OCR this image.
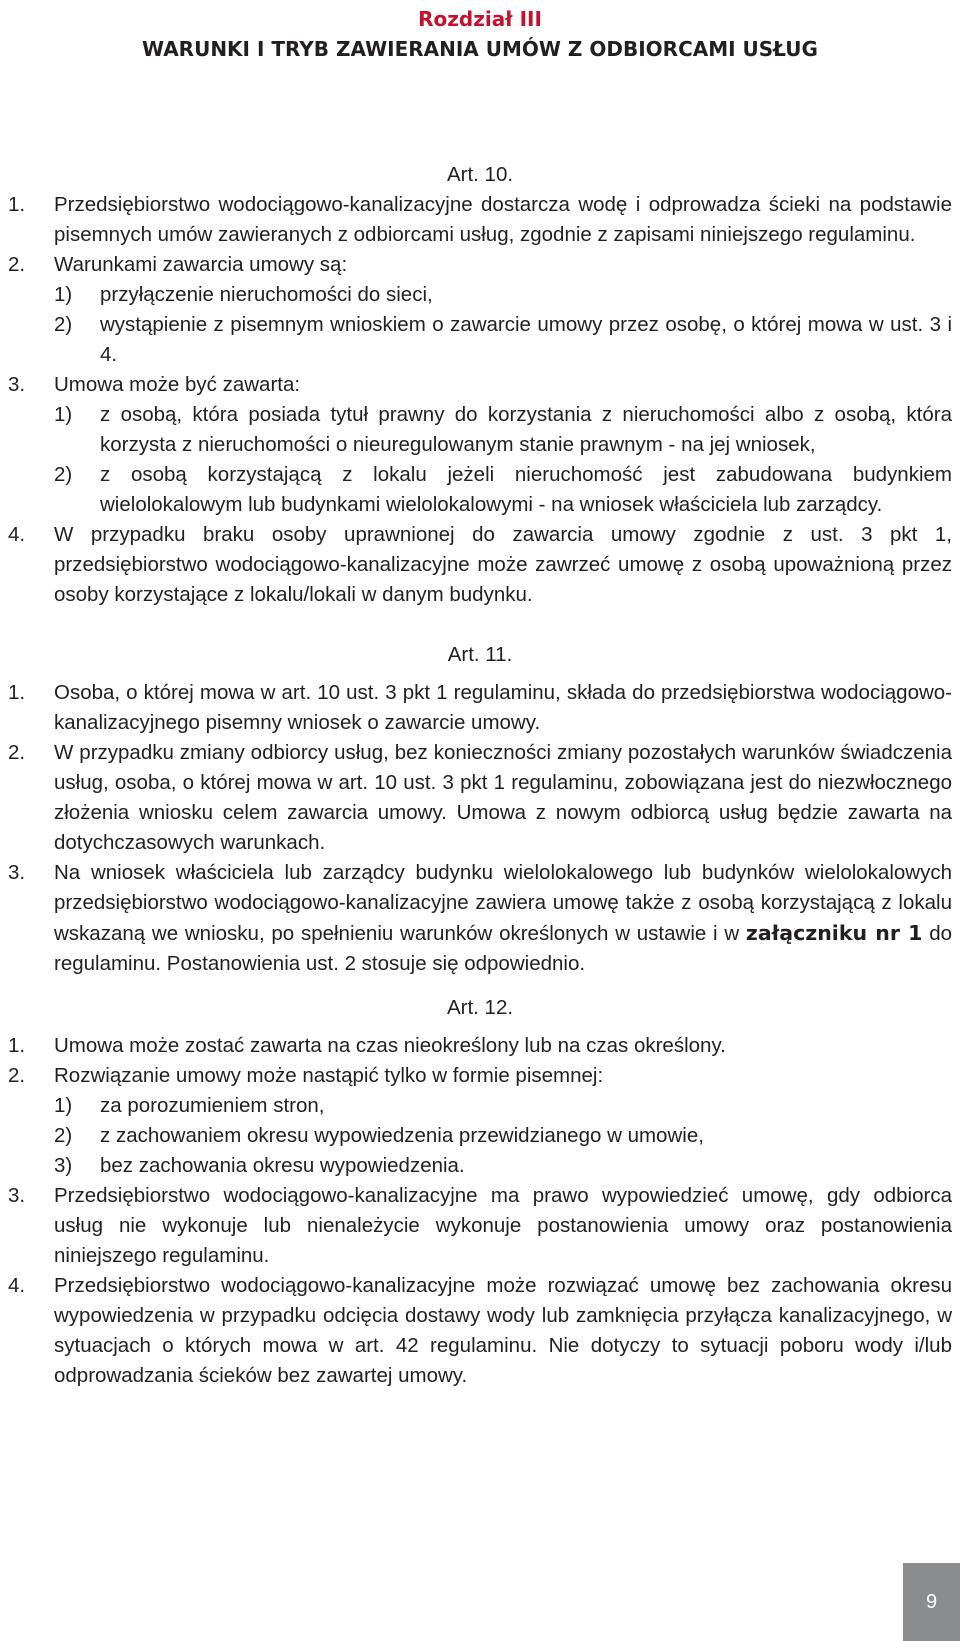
Rozdział III
WARUNKI I TRYB ZAWIERANIA UMÓW Z ODBIORCAMI USŁUG
Art. 10.
1. Przedsiębiorstwo wodociągowo-kanalizacyjne dostarcza wodę i odprowadza ścieki na podstawie pisemnych umów zawieranych z odbiorcami usług, zgodnie z zapisami niniejszego regulaminu.
2. Warunkami zawarcia umowy są:
1) przyłączenie nieruchomości do sieci,
2) wystąpienie z pisemnym wnioskiem o zawarcie umowy przez osobę, o której mowa w ust. 3 i 4.
3. Umowa może być zawarta:
1) z osobą, która posiada tytuł prawny do korzystania z nieruchomości albo z osobą, która korzysta z nieruchomości o nieuregulowanym stanie prawnym - na jej wniosek,
2) z osobą korzystającą z lokalu jeżeli nieruchomość jest zabudowana budynkiem wielolokalowym lub budynkami wielolokalowymi - na wniosek właściciela lub zarządcy.
4. W przypadku braku osoby uprawnionej do zawarcia umowy zgodnie z ust. 3 pkt 1, przedsiębiorstwo wodociągowo-kanalizacyjne może zawrzeć umowę z osobą upoważnioną przez osoby korzystające z lokalu/lokali w danym budynku.
Art. 11.
1. Osoba, o której mowa w art. 10 ust. 3 pkt 1 regulaminu, składa do przedsiębiorstwa wodociągowo-kanalizacyjnego pisemny wniosek o zawarcie umowy.
2. W przypadku zmiany odbiorcy usług, bez konieczności zmiany pozostałych warunków świadczenia usług, osoba, o której mowa w art. 10 ust. 3 pkt 1 regulaminu, zobowiązana jest do niezwłocznego złożenia wniosku celem zawarcia umowy. Umowa z nowym odbiorcą usług będzie zawarta na dotychczasowych warunkach.
3. Na wniosek właściciela lub zarządcy budynku wielolokalowego lub budynków wielolokalowych przedsiębiorstwo wodociągowo-kanalizacyjne zawiera umowę także z osobą korzystającą z lokalu wskazaną we wniosku, po spełnieniu warunków określonych w ustawie i w załączniku nr 1 do regulaminu. Postanowienia ust. 2 stosuje się odpowiednio.
Art. 12.
1. Umowa może zostać zawarta na czas nieokreślony lub na czas określony.
2. Rozwiązanie umowy może nastąpić tylko w formie pisemnej:
1) za porozumieniem stron,
2) z zachowaniem okresu wypowiedzenia przewidzianego w umowie,
3) bez zachowania okresu wypowiedzenia.
3. Przedsiębiorstwo wodociągowo-kanalizacyjne ma prawo wypowiedzieć umowę, gdy odbiorca usług nie wykonuje lub nienależycie wykonuje postanowienia umowy oraz postanowienia niniejszego regulaminu.
4. Przedsiębiorstwo wodociągowo-kanalizacyjne może rozwiązać umowę bez zachowania okresu wypowiedzenia w przypadku odcięcia dostawy wody lub zamknięcia przyłącza kanalizacyjnego, w sytuacjach o których mowa w art. 42 regulaminu. Nie dotyczy to sytuacji poboru wody i/lub odprowadzania ścieków bez zawartej umowy.
9
